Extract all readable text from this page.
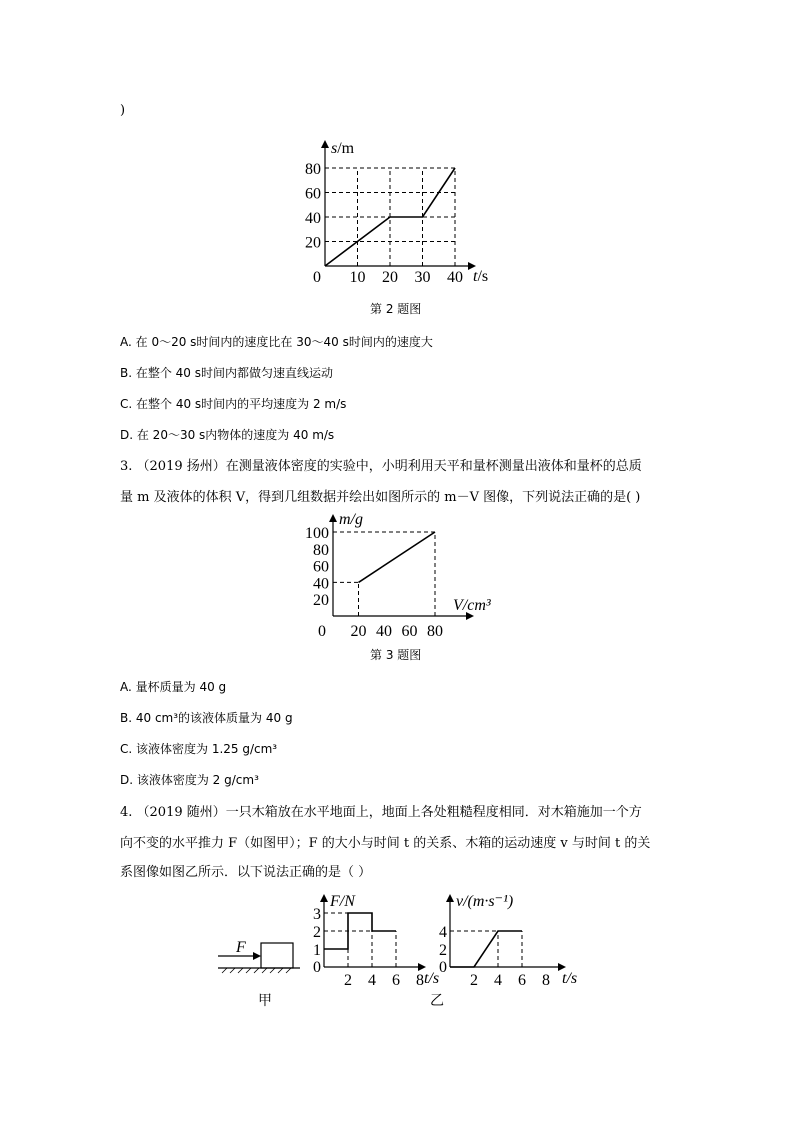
)
0 10 20 30 40
20
40
60
80
s/m
t/s
第 2 题图
A. 在 0～20 s时间内的速度比在 30～40 s时间内的速度大
B. 在整个 40 s时间内都做匀速直线运动
C. 在整个 40 s时间内的平均速度为 2 m/s
D. 在 20～30 s内物体的速度为 40 m/s
3. （2019 扬州）在测量液体密度的实验中，小明利用天平和量杯测量出液体和量杯的总质
量 m 及液体的体积 V，得到几组数据并绘出如图所示的 m－V 图像，下列说法正确的是( )
0 20 40 60 80
20
40
60
80
100
m/g
V/cm³
第 3 题图
A. 量杯质量为 40 g
B. 40 cm³的该液体质量为 40 g
C. 该液体密度为 1.25 g/cm³
D. 该液体密度为 2 g/cm³
4. （2019 随州）一只木箱放在水平地面上，地面上各处粗糙程度相同．对木箱施加一个方
向不变的水平推力 F（如图甲）；F 的大小与时间 t 的关系、木箱的运动速度 v 与时间 t 的关
系图像如图乙所示．以下说法正确的是（ ）
F
甲
2 4 6 8
0
1
2
3
F/N
t/s 2 4 6 8
0
2
4
v/(m·s⁻¹)
t/s
乙
